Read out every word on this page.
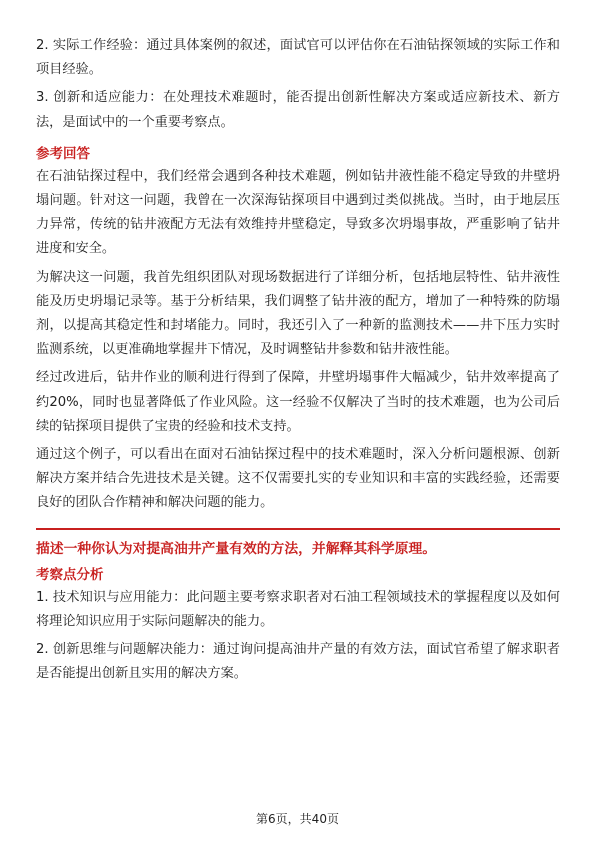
2. 实际工作经验：通过具体案例的叙述，面试官可以评估你在石油钻探领域的实际工作和项目经验。

3. 创新和适应能力：在处理技术难题时，能否提出创新性解决方案或适应新技术、新方法，是面试中的一个重要考察点。

参考回答

在石油钻探过程中，我们经常会遇到各种技术难题，例如钻井液性能不稳定导致的井壁坍塌问题。针对这一问题，我曾在一次深海钻探项目中遇到过类似挑战。当时，由于地层压力异常，传统的钻井液配方无法有效维持井壁稳定，导致多次坍塌事故，严重影响了钻井进度和安全。

为解决这一问题，我首先组织团队对现场数据进行了详细分析，包括地层特性、钻井液性能及历史坍塌记录等。基于分析结果，我们调整了钻井液的配方，增加了一种特殊的防塌剂，以提高其稳定性和封堵能力。同时，我还引入了一种新的监测技术——井下压力实时监测系统，以更准确地掌握井下情况，及时调整钻井参数和钻井液性能。

经过改进后，钻井作业的顺利进行得到了保障，井壁坍塌事件大幅减少，钻井效率提高了约20%，同时也显著降低了作业风险。这一经验不仅解决了当时的技术难题，也为公司后续的钻探项目提供了宝贵的经验和技术支持。

通过这个例子，可以看出在面对石油钻探过程中的技术难题时，深入分析问题根源、创新解决方案并结合先进技术是关键。这不仅需要扎实的专业知识和丰富的实践经验，还需要良好的团队合作精神和解决问题的能力。

描述一种你认为对提高油井产量有效的方法，并解释其科学原理。

考察点分析

1. 技术知识与应用能力：此问题主要考察求职者对石油工程领域技术的掌握程度以及如何将理论知识应用于实际问题解决的能力。

2. 创新思维与问题解决能力：通过询问提高油井产量的有效方法，面试官希望了解求职者是否能提出创新且实用的解决方案。

第6页，共40页
